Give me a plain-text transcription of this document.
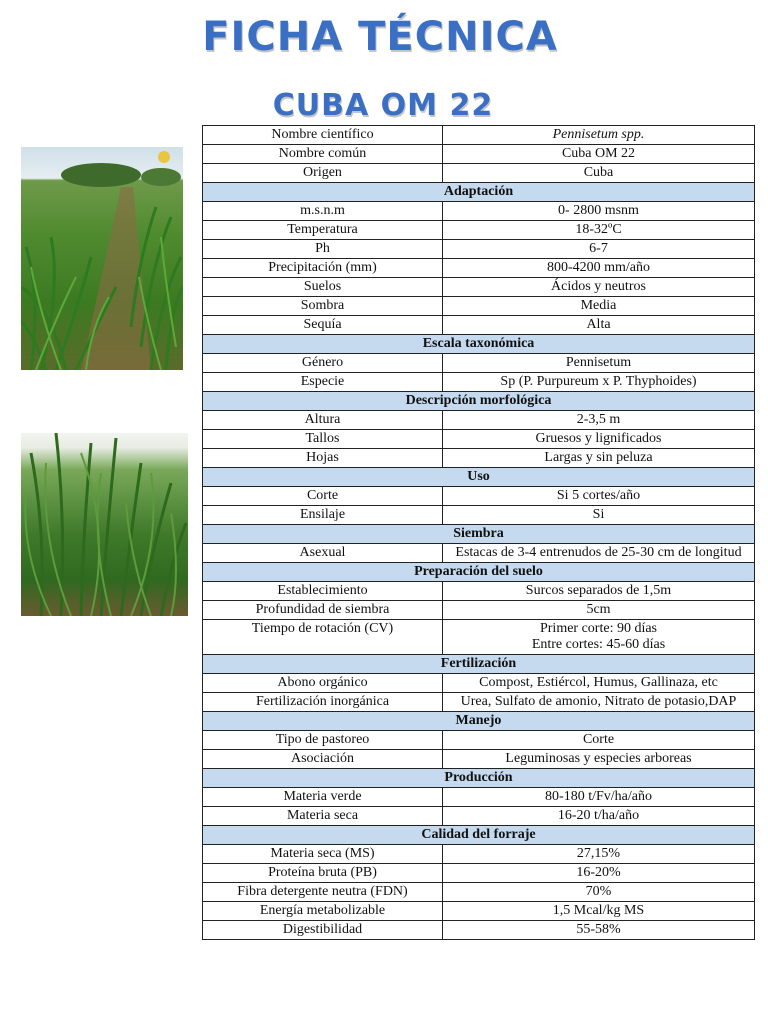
FICHA TÉCNICA
CUBA OM 22
Nombre científico	Pennisetum spp.
Nombre común	Cuba OM 22
Origen	Cuba
Adaptación	
m.s.n.m	0- 2800 msnm
Temperatura	18-32ºC
Ph	6-7
Precipitación (mm)	800-4200 mm/año
Suelos	Ácidos y neutros
Sombra	Media
Sequía	Alta
Escala taxonómica	
Género	Pennisetum
Especie	Sp (P. Purpureum x P. Thyphoides)
Descripción morfológica	
Altura	2-3,5 m
Tallos	Gruesos y lignificados
Hojas	Largas y sin peluza
Uso	
Corte	Si 5 cortes/año
Ensilaje	Si
Siembra	
Asexual	Estacas de 3-4 entrenudos de 25-30 cm de longitud
Preparación del suelo	
Establecimiento	Surcos separados de 1,5m
Profundidad de siembra	5cm
Tiempo de rotación (CV)	Primer corte: 90 días
Entre cortes: 45-60 días

Fertilización	
Abono orgánico	Compost, Estiércol, Humus, Gallinaza, etc
Fertilización inorgánica	Urea, Sulfato de amonio, Nitrato de potasio,DAP
Manejo	
Tipo de pastoreo	Corte
Asociación	Leguminosas y especies arboreas
Producción	
Materia verde	80-180 t/Fv/ha/año
Materia seca	16-20 t/ha/año
Calidad del forraje	
Materia seca (MS)	27,15%
Proteína bruta (PB)	16-20%
Fibra detergente neutra (FDN)	70%
Energía metabolizable	1,5 Mcal/kg MS
Digestibilidad	55-58%
